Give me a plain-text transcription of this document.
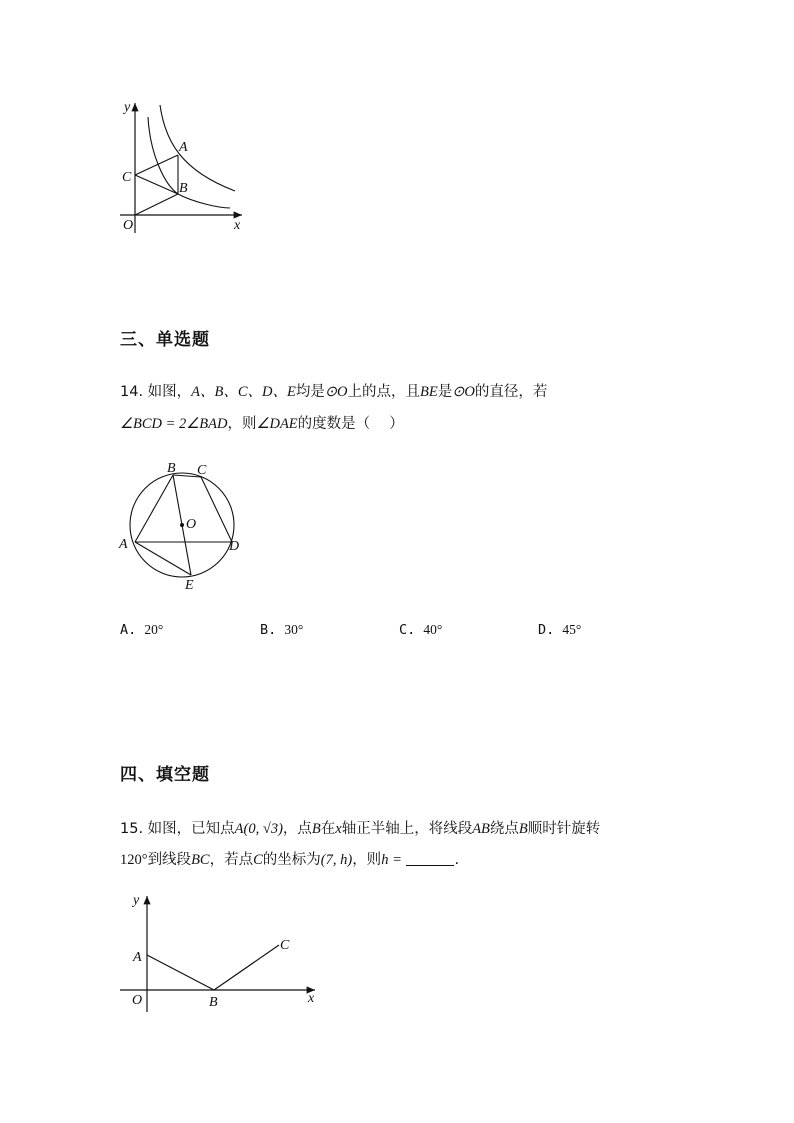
y
x
O
A
B
C
三、单选题
14. 如图，A、B、C、D、E均是⊙O上的点，且BE是⊙O的直径，若
∠BCD = 2∠BAD，则∠DAE的度数是（　 ）
B C
O
A	D
E
A. 20°	B. 30°	C. 40°	D. 45°
四、填空题
15. 如图，已知点A(0, √3)，点B在x轴正半轴上，将线段AB绕点B顺时针旋转
120°到线段BC，若点C的坐标为(7, h)，则h =	.
y
x
O
A
B
C
